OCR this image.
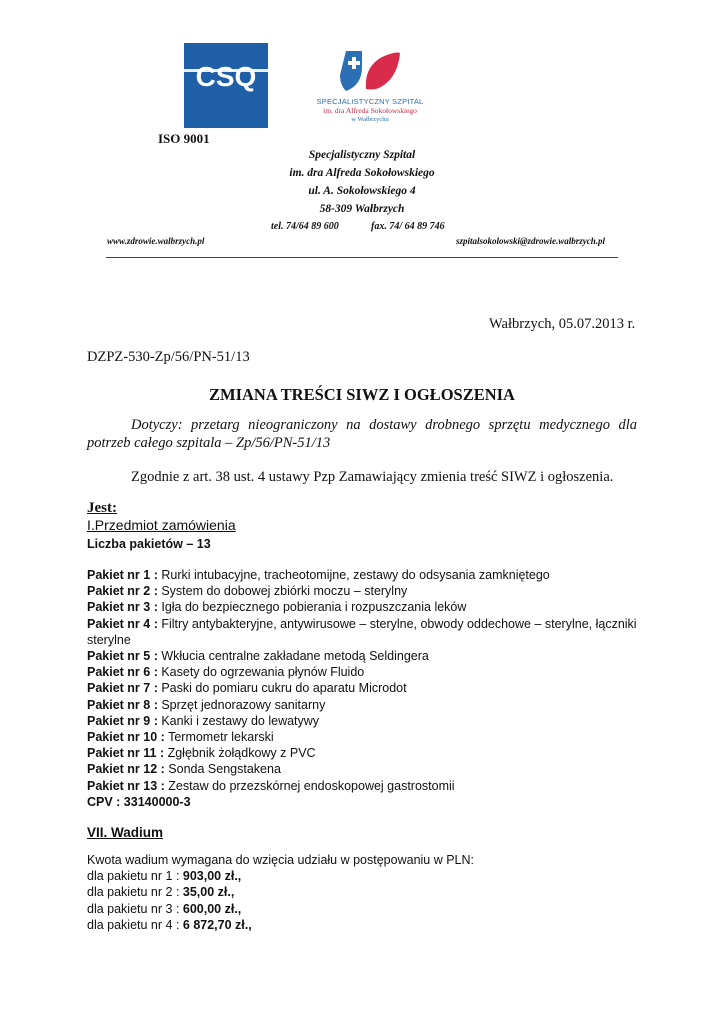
CSQ
ISO 9001
SPECJALISTYCZNY SZPITAL
im. dra Alfreda Sokołowskiego
w Wałbrzychu
Specjalistyczny Szpital
im. dra Alfreda Sokołowskiego
ul. A. Sokołowskiego 4
58-309 Wałbrzych
tel. 74/64 89 600	fax. 74/ 64 89 746
www.zdrowie.walbrzych.pl	szpitalsokolowski@zdrowie.walbrzych.pl
Wałbrzych, 05.07.2013 r.
DZPZ-530-Zp/56/PN-51/13
ZMIANA TREŚCI SIWZ I OGŁOSZENIA
Dotyczy: przetarg nieograniczony na dostawy drobnego sprzętu medycznego dla
potrzeb całego szpitala – Zp/56/PN-51/13
Zgodnie z art. 38 ust. 4 ustawy Pzp Zamawiający zmienia treść SIWZ i ogłoszenia.
Jest:
I.Przedmiot zamówienia
Liczba pakietów – 13
Pakiet nr 1 : Rurki intubacyjne, tracheotomijne, zestawy do odsysania zamkniętego
Pakiet nr 2 : System do dobowej zbiórki moczu – sterylny
Pakiet nr 3 : Igła do bezpiecznego pobierania i rozpuszczania leków
Pakiet nr 4 : Filtry antybakteryjne, antywirusowe – sterylne, obwody oddechowe – sterylne, łączniki sterylne
Pakiet nr 5 : Wkłucia centralne zakładane metodą Seldingera
Pakiet nr 6 : Kasety do ogrzewania płynów Fluido
Pakiet nr 7 : Paski do pomiaru cukru do aparatu Microdot
Pakiet nr 8 : Sprzęt jednorazowy sanitarny
Pakiet nr 9 : Kanki i zestawy do lewatywy
Pakiet nr 10 : Termometr lekarski
Pakiet nr 11 : Zgłębnik żołądkowy z PVC
Pakiet nr 12 : Sonda Sengstakena
Pakiet nr 13 : Zestaw do przezskórnej endoskopowej gastrostomii
CPV : 33140000-3
VII. Wadium
Kwota wadium wymagana do wzięcia udziału w postępowaniu w PLN:
dla pakietu nr 1 : 903,00 zł.,
dla pakietu nr 2 : 35,00 zł.,
dla pakietu nr 3 : 600,00 zł.,
dla pakietu nr 4 : 6 872,70 zł.,
